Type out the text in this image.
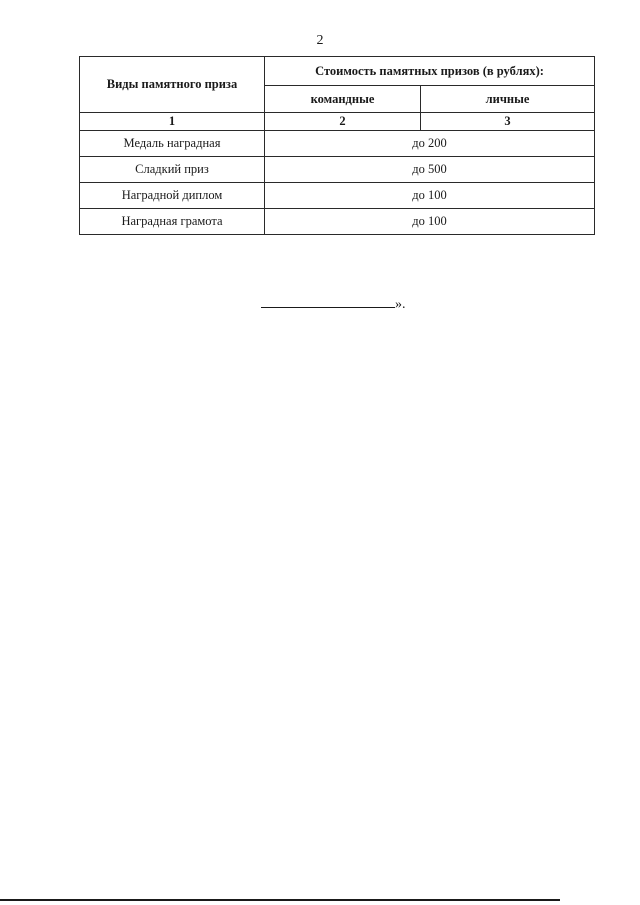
2
Виды памятного приза	Стоимость памятных призов (в рублях):	
	командные	личные
1	2	3
Медаль наградная	до 200	
Сладкий приз	до 500	
Наградной диплом	до 100	
Наградная грамота	до 100	
».
